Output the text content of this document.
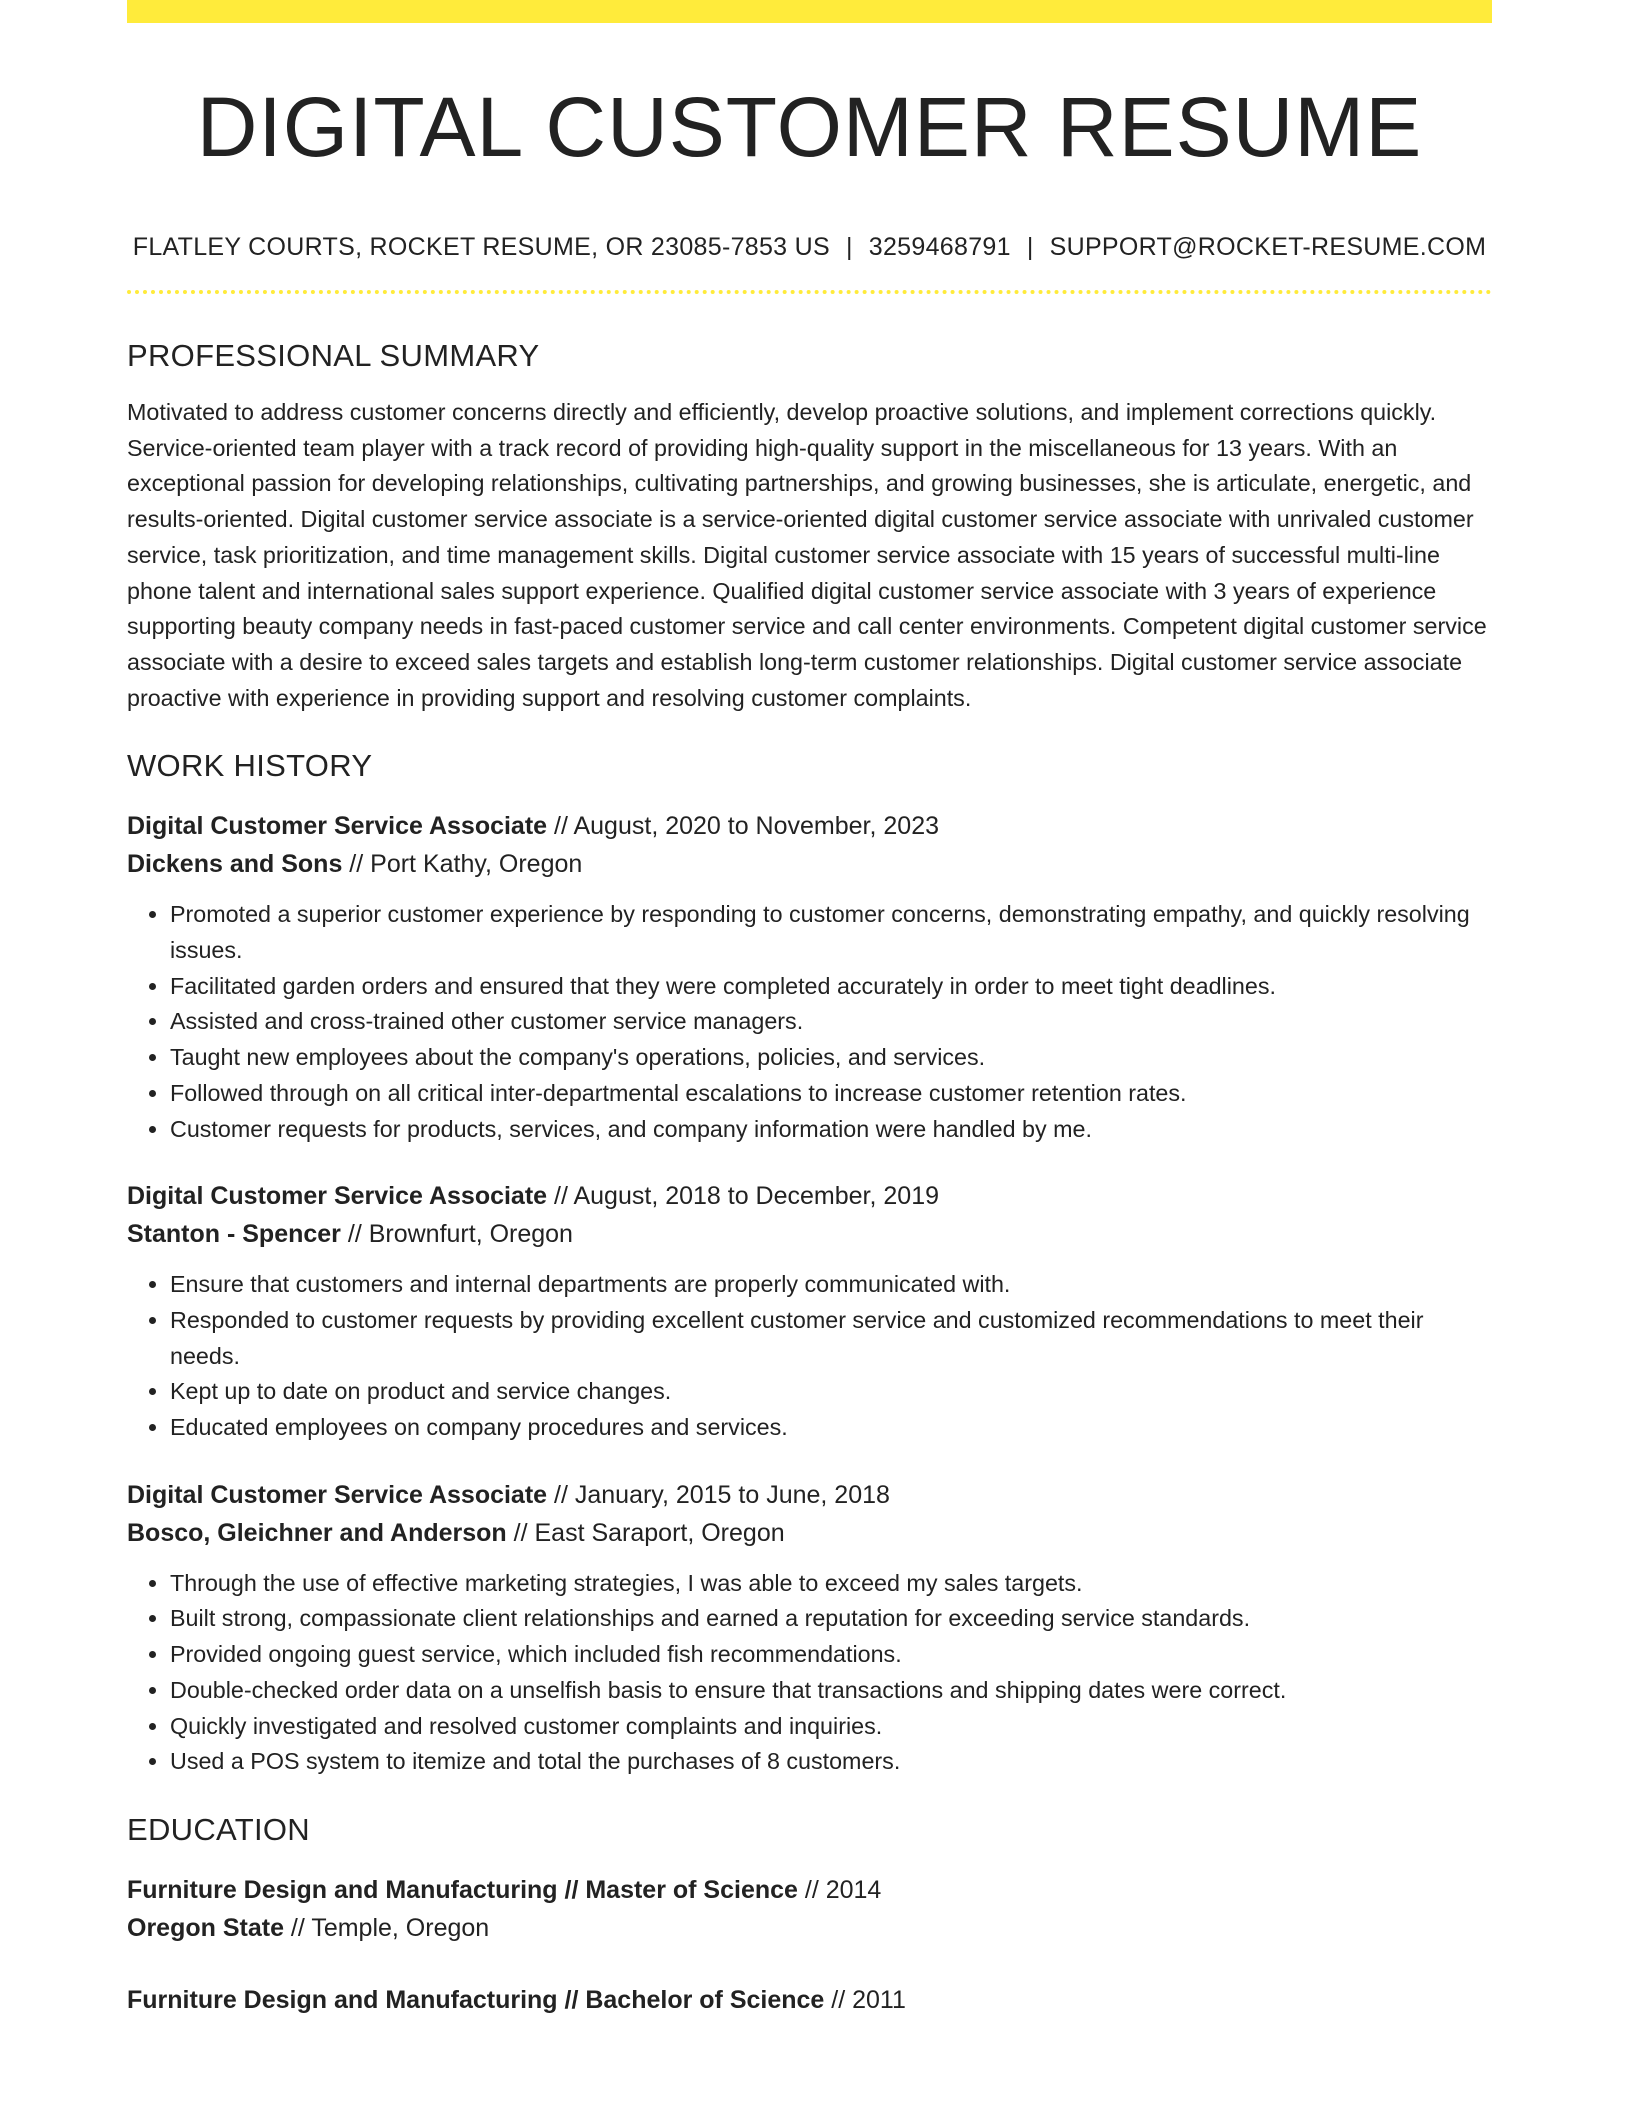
DIGITAL CUSTOMER RESUME
FLATLEY COURTS, ROCKET RESUME, OR 23085-7853 US | 3259468791 | SUPPORT@ROCKET-RESUME.COM
PROFESSIONAL SUMMARY

Motivated to address customer concerns directly and efficiently, develop proactive solutions, and implement corrections quickly. Service-oriented team player with a track record of providing high-quality support in the miscellaneous for 13 years. With an exceptional passion for developing relationships, cultivating partnerships, and growing businesses, she is articulate, energetic, and results-oriented. Digital customer service associate is a service-oriented digital customer service associate with unrivaled customer service, task prioritization, and time management skills. Digital customer service associate with 15 years of successful multi-line phone talent and international sales support experience. Qualified digital customer service associate with 3 years of experience supporting beauty company needs in fast-paced customer service and call center environments. Competent digital customer service associate with a desire to exceed sales targets and establish long-term customer relationships. Digital customer service associate proactive with experience in providing support and resolving customer complaints.

WORK HISTORY
Digital Customer Service Associate // August, 2020 to November, 2023
Dickens and Sons // Port Kathy, Oregon
• Promoted a superior customer experience by responding to customer concerns, demonstrating empathy, and quickly resolving issues.
• Facilitated garden orders and ensured that they were completed accurately in order to meet tight deadlines.
• Assisted and cross-trained other customer service managers.
• Taught new employees about the company's operations, policies, and services.
• Followed through on all critical inter-departmental escalations to increase customer retention rates.
• Customer requests for products, services, and company information were handled by me.
Digital Customer Service Associate // August, 2018 to December, 2019
Stanton - Spencer // Brownfurt, Oregon
• Ensure that customers and internal departments are properly communicated with.
• Responded to customer requests by providing excellent customer service and customized recommendations to meet their needs.
• Kept up to date on product and service changes.
• Educated employees on company procedures and services.
Digital Customer Service Associate // January, 2015 to June, 2018
Bosco, Gleichner and Anderson // East Saraport, Oregon
• Through the use of effective marketing strategies, I was able to exceed my sales targets.
• Built strong, compassionate client relationships and earned a reputation for exceeding service standards.
• Provided ongoing guest service, which included fish recommendations.
• Double-checked order data on a unselfish basis to ensure that transactions and shipping dates were correct.
• Quickly investigated and resolved customer complaints and inquiries.
• Used a POS system to itemize and total the purchases of 8 customers.
EDUCATION
Furniture Design and Manufacturing // Master of Science // 2014
Oregon State // Temple, Oregon
Furniture Design and Manufacturing // Bachelor of Science // 2011
